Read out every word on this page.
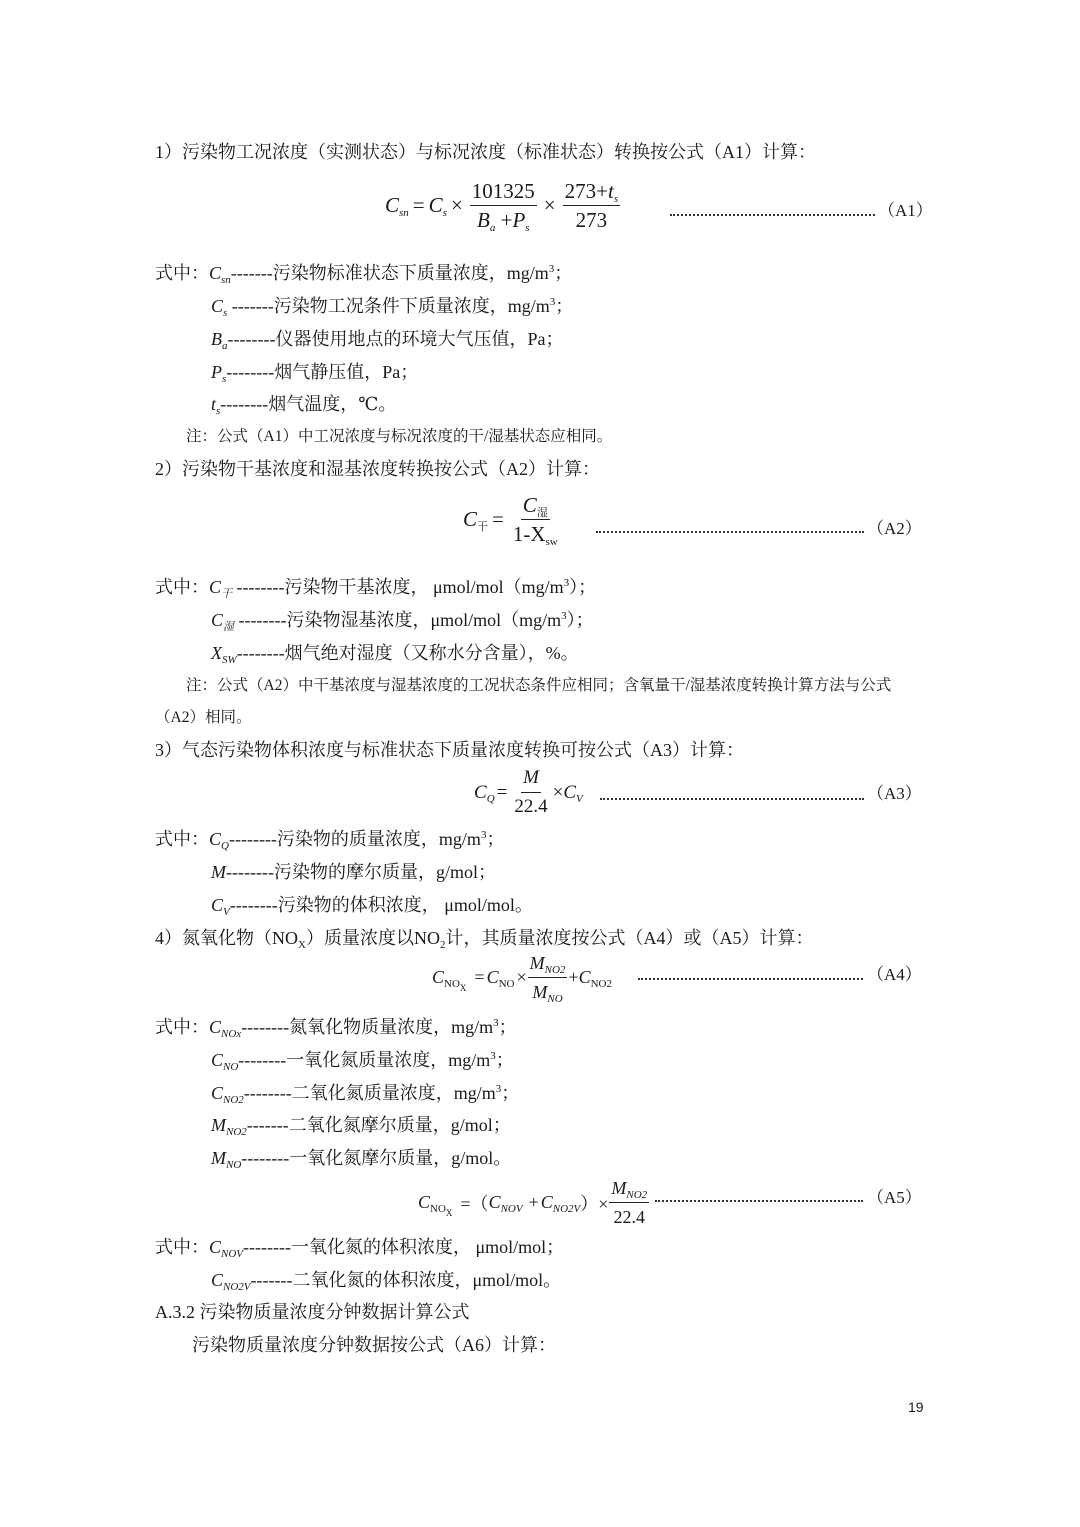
1）污染物工况浓度（实测状态）与标况浓度（标准状态）转换按公式（A1）计算：
$C_{sn} = C_s \times \frac{101325}{B_a +P_s} \times \frac{273+t_s}{273}$	（A1）
式中：$C_{sn}-------$污染物标准状态下质量浓度，$mg/m^3$；
$C_s$ -------污染物工况条件下质量浓度，$mg/m^3$；
$B_a--------$仪器使用地点的环境大气压值，Pa；
$P_s--------$烟气静压值，Pa；
$t_s--------$烟气温度，℃。
注：公式（A1）中工况浓度与标况浓度的干/湿基状态应相同。
2）污染物干基浓度和湿基浓度转换按公式（A2）计算：
$C_干 = \frac{C_湿}{1-X_{sw}}$	（A2）
式中：$C_干$ --------污染物干基浓度， μmol/$mol(mg/m^3)$；
$C_湿$ --------污染物湿基浓度，μmol/$mol(mg/m^3)$；
$X_{SW}--------$烟气绝对湿度（又称水分含量），%。
注：公式（A2）中干基浓度与湿基浓度的工况状态条件应相同；含氧量干/湿基浓度转换计算方法与公式
（A2）相同。
3）气态污染物体积浓度与标准状态下质量浓度转换可按公式（A3）计算：
$C_Q = \frac{M}{22.4} \times C_V$	（A3）
式中：$C_Q--------$污染物的质量浓度，$mg/m^3$；
M--------污染物的摩尔质量，g/mol；
$C_V--------$污染物的体积浓度， μmol/mol。
4）氮氧化物$(NO_X)$质量浓度以$NO_2$计，其质量浓度按公式（A4）或（A5）计算：
$C_{NO_X}$
= $C_{NO} \times \frac{M_{NO2}}{M_{NO}} + C_{NO2}$	（A4）
式中：$C_{NOx}--------$氮氧化物质量浓度，$mg/m^3$；
$C_{NO}--------$一氧化氮质量浓度，$mg/m^3$；
$C_{NO2}--------$二氧化氮质量浓度，$mg/m^3$；
$M_{NO2}-------$二氧化氮摩尔质量，g/mol；
$M_{NO}--------$一氧化氮摩尔质量，g/mol。
$C_{NO_X}$ =（ $C_{NOV} + C_{NO2V}$ ）× $\frac{M_{NO2}}{22.4}$	（A5）
式中：$C_{NOV}--------$一氧化氮的体积浓度， μmol/mol；
$C_{NO2V}-------$二氧化氮的体积浓度，μmol/mol。
A.3.2 污染物质量浓度分钟数据计算公式
污染物质量浓度分钟数据按公式（A6）计算：
19
